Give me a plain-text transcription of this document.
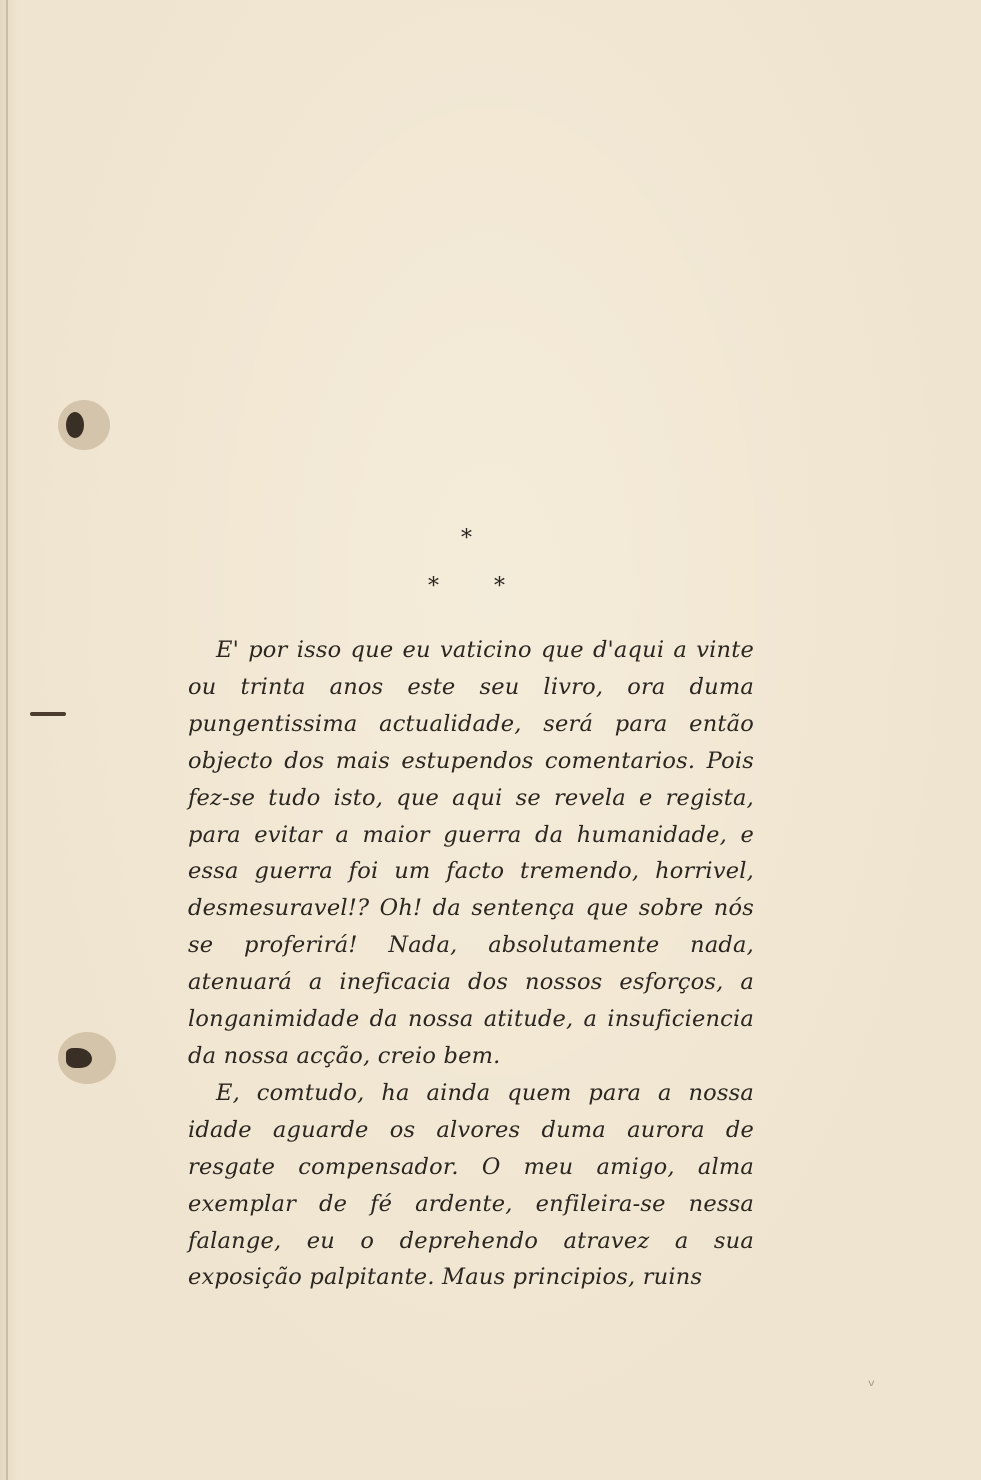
*
*	*

E' por isso que eu vaticino que d'aqui a vinte ou trinta anos este seu livro, ora duma pungentissima actualidade, será para então objecto dos mais estupendos comentarios. Pois fez-se tudo isto, que aqui se revela e regista, para evitar a maior guerra da humanidade, e essa guerra foi um facto tremendo, horrivel, desmesuravel!? Oh! da sentença que sobre nós se proferirá! Nada, absolutamente nada, atenuará a ineficacia dos nossos esforços, a longanimidade da nossa atitude, a insuficiencia da nossa acção, creio bem.

E, comtudo, ha ainda quem para a nossa idade aguarde os alvores duma aurora de resgate compensador. O meu amigo, alma exemplar de fé ardente, enfileira-se nessa falange, eu o deprehendo atravez a sua exposição palpitante. Maus principios, ruins

ᵥ
